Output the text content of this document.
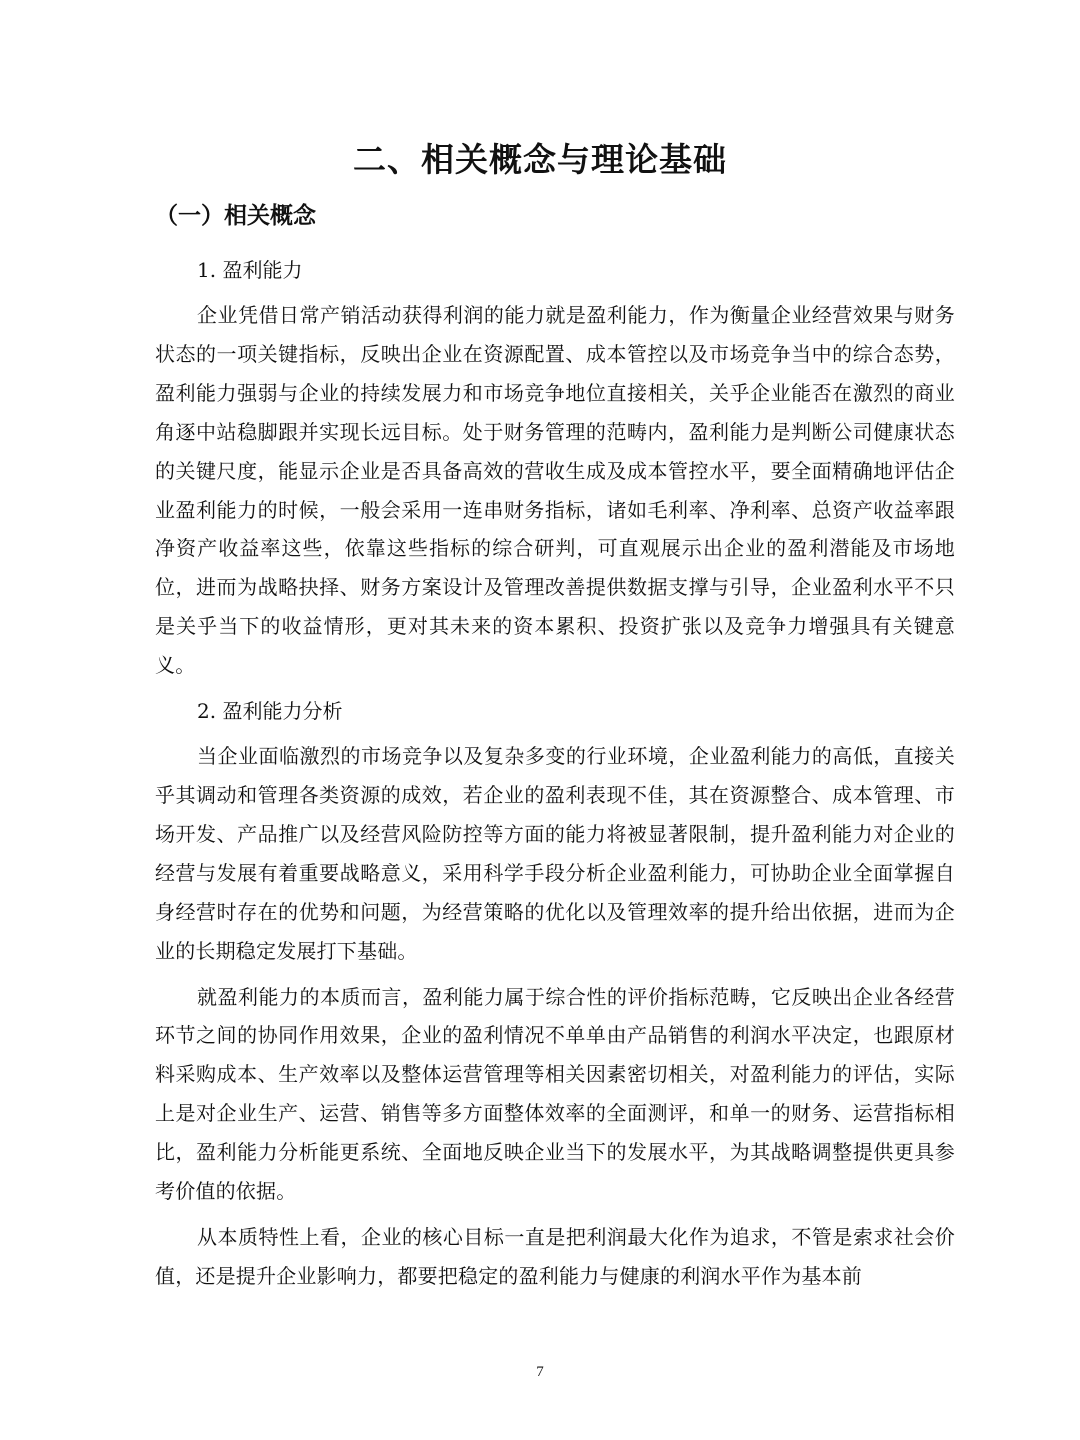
二、相关概念与理论基础
（一）相关概念

1. 盈利能力

企业凭借日常产销活动获得利润的能力就是盈利能力，作为衡量企业经营效果与财务状态的一项关键指标，反映出企业在资源配置、成本管控以及市场竞争当中的综合态势，盈利能力强弱与企业的持续发展力和市场竞争地位直接相关，关乎企业能否在激烈的商业角逐中站稳脚跟并实现长远目标。处于财务管理的范畴内，盈利能力是判断公司健康状态的关键尺度，能显示企业是否具备高效的营收生成及成本管控水平，要全面精确地评估企业盈利能力的时候，一般会采用一连串财务指标，诸如毛利率、净利率、总资产收益率跟净资产收益率这些，依靠这些指标的综合研判，可直观展示出企业的盈利潜能及市场地位，进而为战略抉择、财务方案设计及管理改善提供数据支撑与引导，企业盈利水平不只是关乎当下的收益情形，更对其未来的资本累积、投资扩张以及竞争力增强具有关键意义。

2. 盈利能力分析

当企业面临激烈的市场竞争以及复杂多变的行业环境，企业盈利能力的高低，直接关乎其调动和管理各类资源的成效，若企业的盈利表现不佳，其在资源整合、成本管理、市场开发、产品推广以及经营风险防控等方面的能力将被显著限制，提升盈利能力对企业的经营与发展有着重要战略意义，采用科学手段分析企业盈利能力，可协助企业全面掌握自身经营时存在的优势和问题，为经营策略的优化以及管理效率的提升给出依据，进而为企业的长期稳定发展打下基础。

就盈利能力的本质而言，盈利能力属于综合性的评价指标范畴，它反映出企业各经营环节之间的协同作用效果，企业的盈利情况不单单由产品销售的利润水平决定，也跟原材料采购成本、生产效率以及整体运营管理等相关因素密切相关，对盈利能力的评估，实际上是对企业生产、运营、销售等多方面整体效率的全面测评，和单一的财务、运营指标相比，盈利能力分析能更系统、全面地反映企业当下的发展水平，为其战略调整提供更具参考价值的依据。

从本质特性上看，企业的核心目标一直是把利润最大化作为追求，不管是索求社会价值，还是提升企业影响力，都要把稳定的盈利能力与健康的利润水平作为基本前

7
